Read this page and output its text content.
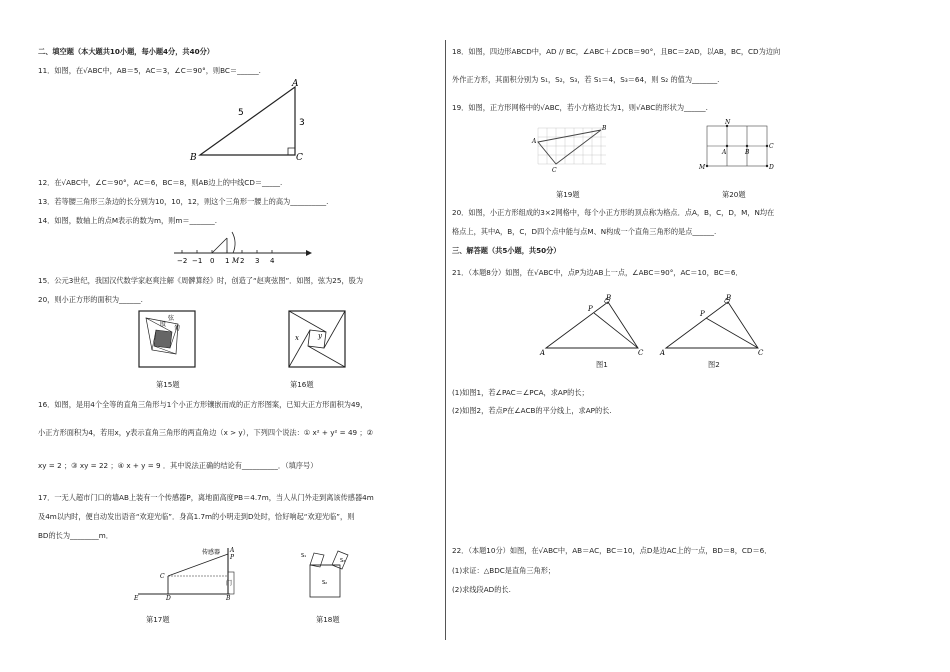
二、填空题（本大题共10小题，每小题4分，共40分）
11．如图，在√ABC中，AB＝5，AC＝3，∠C＝90°，则BC＝______.
A
B	C
5
3
12．在√ABC中，∠C＝90°，AC＝6，BC＝8，则AB边上的中线CD＝_____.
13．若等腰三角形三条边的长分别为10，10，12，则这个三角形一腰上的高为__________.
14．如图，数轴上的点M表示的数为m，则m＝_______.
−2 −1 0 1 M 2 3 4
15．公元3世纪，我国汉代数学家赵爽注解《周髀算经》时，创造了“赵爽弦图”．如图，弦为25，股为
20，则小正方形的面积为______.
股
弦
勾
x	y
第15题	第16题
16．如图，是用4个全等的直角三角形与1个小正方形镶嵌而成的正方形图案，已知大正方形面积为49，
小正方形面积为4，若用x，y表示直角三角形的两直角边（x > y），下列四个说法：① x² + y² = 49 ；②
xy = 2 ；③ xy = 22 ；④ x + y = 9 ．其中说法正确的结论有__________．（填序号）
17．一无人超市门口的墙AB上装有一个传感器P，离地面高度PB＝4.7m，当人从门外走到离该传感器4m
及4m以内时，便自动发出语音“欢迎光临”．身高1.7m的小明走到D处时，恰好响起“欢迎光临”，则
BD的长为________m．
传感器 A
P
C
门
E	D	B
S₁
S₂
S₃
第17题	第18题
18．如图，四边形ABCD中，AD // BC，∠ABC＋∠DCB＝90°，且BC＝2AD，以AB，BC，CD为边向
外作正方形，其面积分别为 S₁，S₂，S₃，若 S₁＝4，S₃＝64，则 S₂ 的值为_______.
19．如图，正方形网格中的√ABC，若小方格边长为1，则√ABC的形状为______.
A
B
C
N
M
C
A	B
D
第19题	第20题
20．如图，小正方形组成的3×2网格中，每个小正方形的顶点称为格点．点A，B，C，D，M，N均在
格点上，其中A，B，C，D四个点中能与点M、N构成一个直角三角形的是点______.
三、解答题（共5小题，共50分）
21．（本题8分）如图，在√ABC中，点P为边AB上一点，∠ABC＝90°，AC＝10，BC＝6．
A
B
C
P
A
B
C
P
图1	图2
(1)如图1，若∠PAC＝∠PCA，求AP的长；
(2)如图2，若点P在∠ACB的平分线上，求AP的长.
22．（本题10分）如图，在√ABC中，AB＝AC，BC＝10，点D是边AC上的一点，BD＝8，CD＝6．
(1)求证：△BDC是直角三角形；
(2)求线段AD的长.
